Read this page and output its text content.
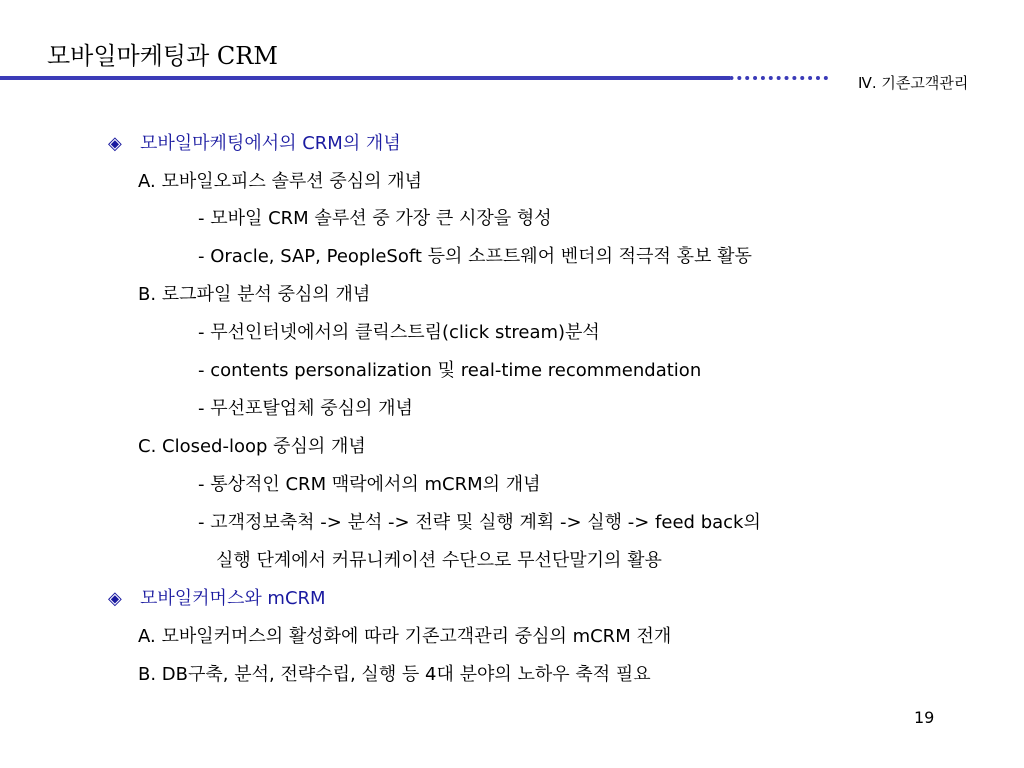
모바일마케팅과 CRM
Ⅳ. 기존고객관리
◈ 모바일마케팅에서의 CRM의 개념
A. 모바일오피스 솔루션 중심의 개념
- 모바일 CRM 솔루션 중 가장 큰 시장을 형성
- Oracle, SAP, PeopleSoft 등의 소프트웨어 벤더의 적극적 홍보 활동
B. 로그파일 분석 중심의 개념
- 무선인터넷에서의 클릭스트림(click stream)분석
- contents personalization 및 real-time recommendation
- 무선포탈업체 중심의 개념
C. Closed-loop 중심의 개념
- 통상적인 CRM 맥락에서의 mCRM의 개념
- 고객정보축척 -> 분석 -> 전략 및 실행 계획 -> 실행 -> feed back의
실행 단계에서 커뮤니케이션 수단으로 무선단말기의 활용
◈ 모바일커머스와 mCRM
A. 모바일커머스의 활성화에 따라 기존고객관리 중심의 mCRM 전개
B. DB구축, 분석, 전략수립, 실행 등 4대 분야의 노하우 축적 필요
19
